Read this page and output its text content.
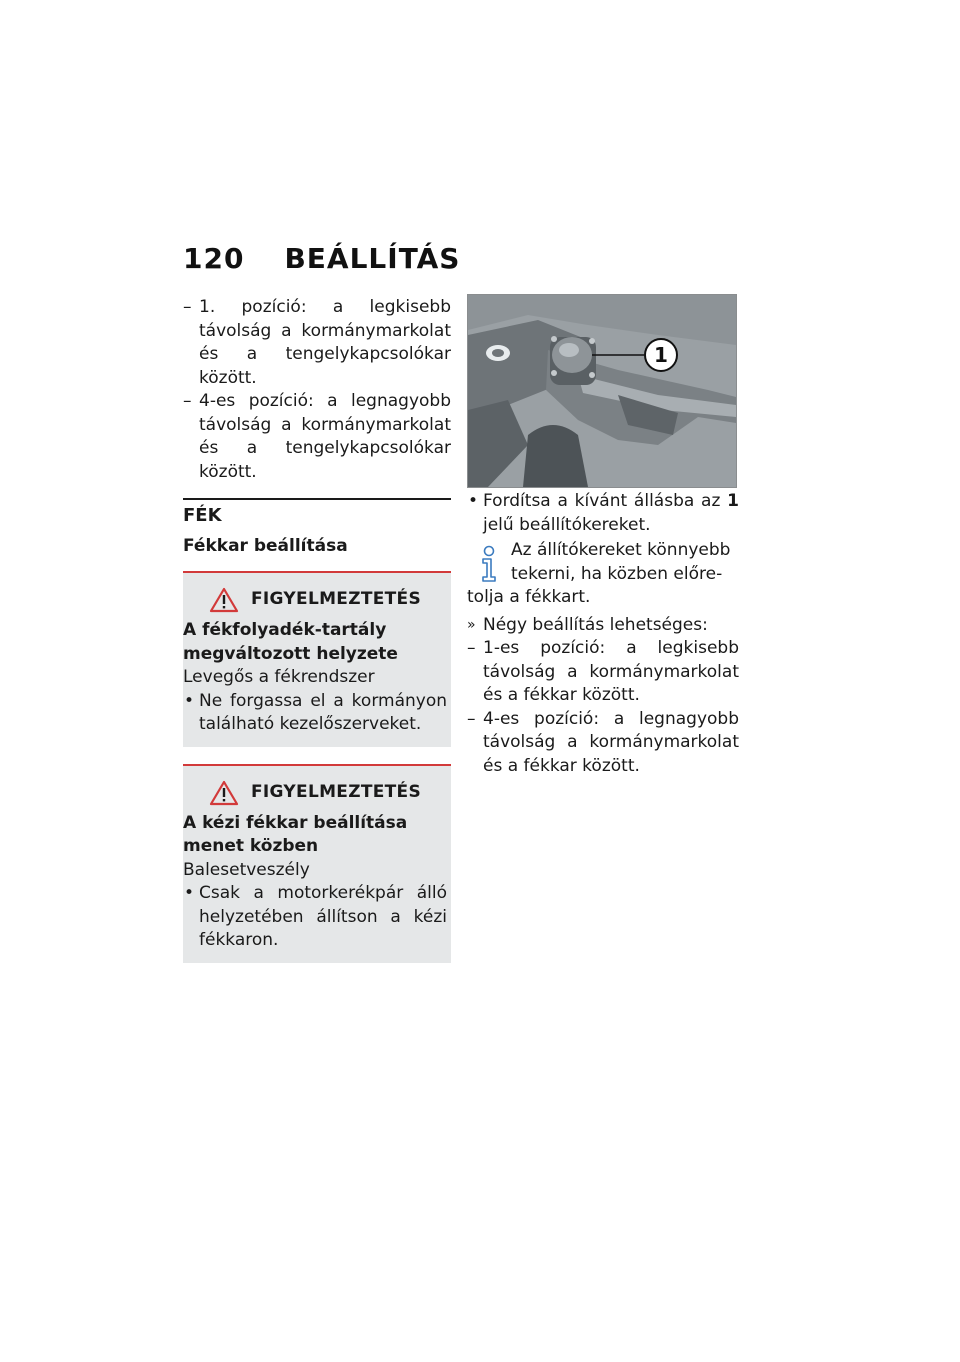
120 BEÁLLÍTÁS
– 1. pozíció: a legkisebb távolság a kormánymarkolat és a tengelykapcsolókar között.
– 4-es pozíció: a legnagyobb távolság a kormánymarkolat és a tengelykapcsolókar között.
FÉK
Fékkar beállítása
FIGYELMEZTETÉS
A fékfolyadék-tartály megváltozott helyzete
Levegős a fékrendszer
• Ne forgassa el a kormányon található kezelőszerveket.
FIGYELMEZTETÉS
A kézi fékkar beállítása menet közben
Balesetveszély
• Csak a motorkerékpár álló helyzetében állítson a kézi fékkaron.
1
• Fordítsa a kívánt állásba az 1 jelű beállítókereket.
Az állítókereket könnyebb tekerni, ha közben előre-
tolja a fékkart.
» Négy beállítás lehetséges:
– 1-es pozíció: a legkisebb távolság a kormánymarkolat és a fékkar között.
– 4-es pozíció: a legnagyobb távolság a kormánymarkolat és a fékkar között.
